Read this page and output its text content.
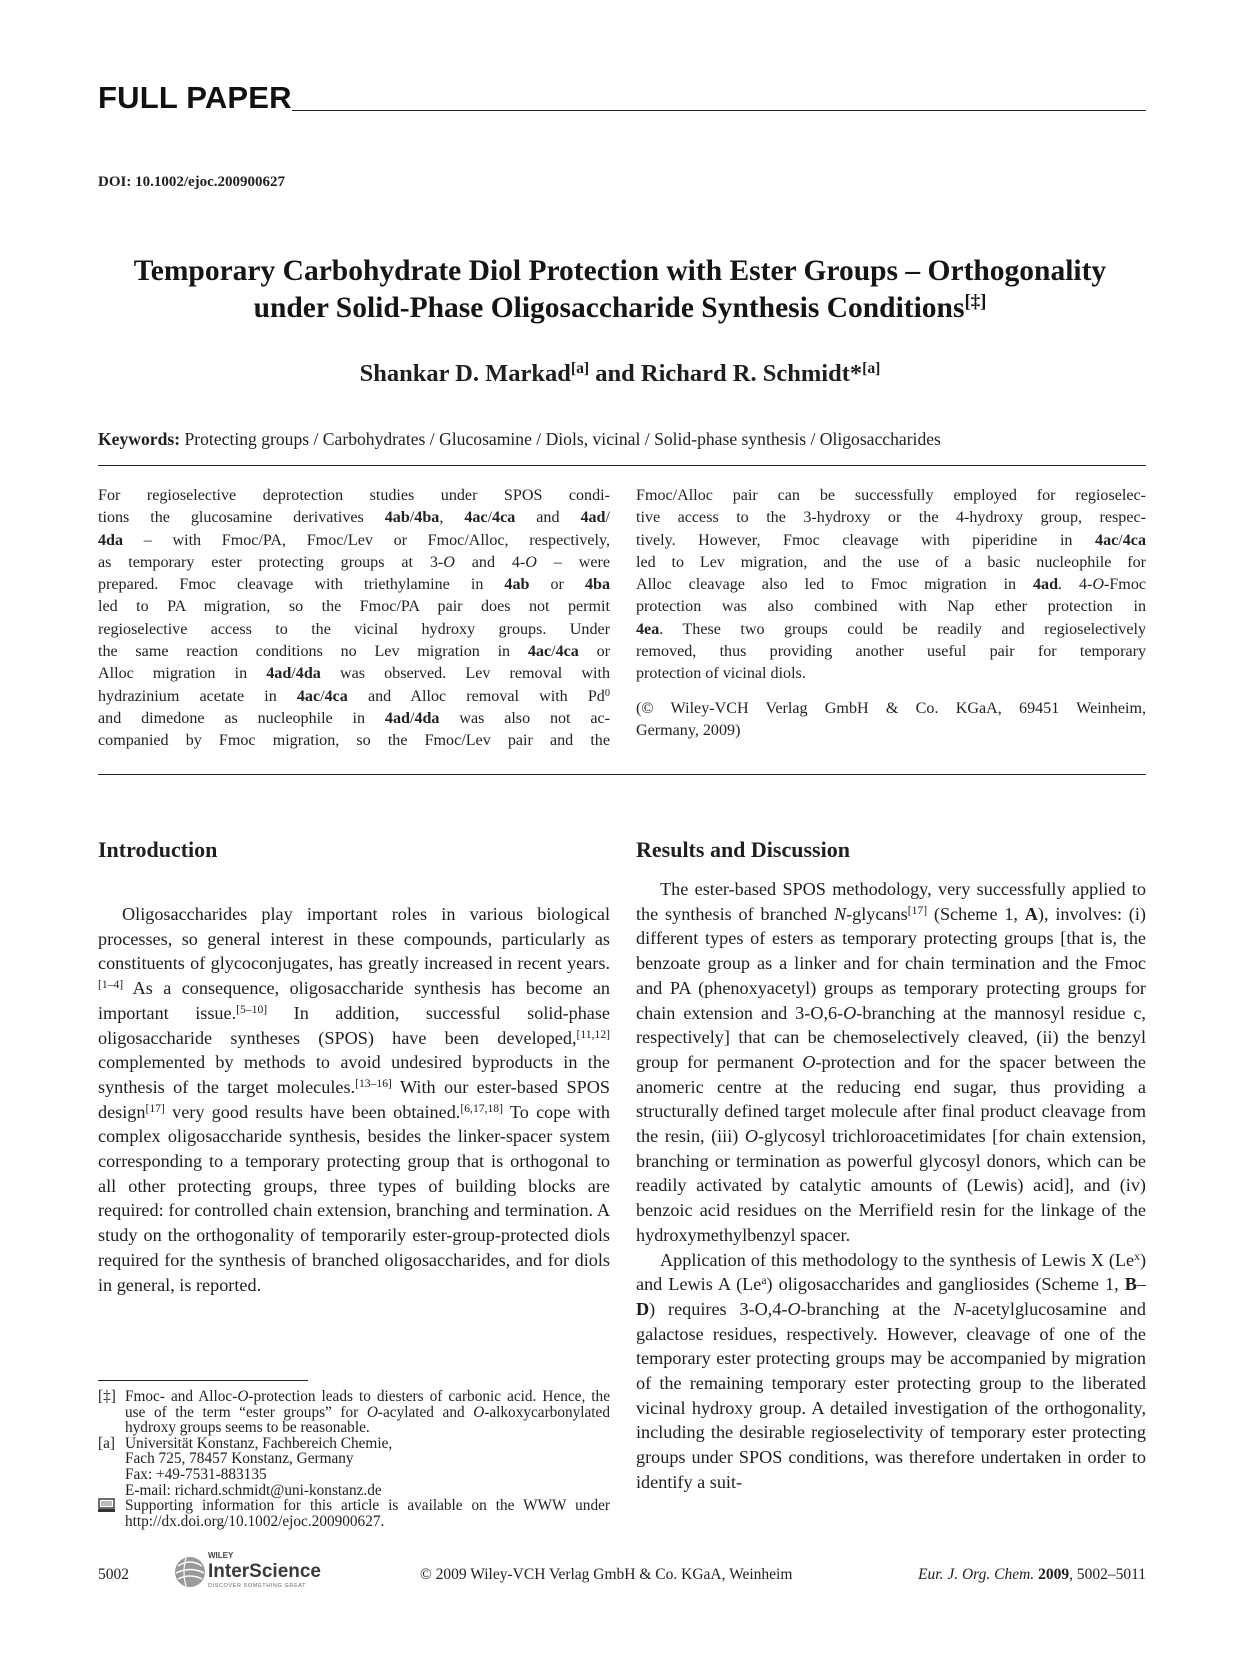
FULL PAPER
DOI: 10.1002/ejoc.200900627
Temporary Carbohydrate Diol Protection with Ester Groups – Orthogonality
under Solid-Phase Oligosaccharide Synthesis Conditions[‡]
Shankar D. Markad[a] and Richard R. Schmidt*[a]
Keywords: Protecting groups / Carbohydrates / Glucosamine / Diols, vicinal / Solid-phase synthesis / Oligosaccharides
For regioselective deprotection studies under SPOS condi-
tions the glucosamine derivatives 4ab/4ba, 4ac/4ca and 4ad/
4da – with Fmoc/PA, Fmoc/Lev or Fmoc/Alloc, respectively,
as temporary ester protecting groups at 3-O and 4-O – were
prepared. Fmoc cleavage with triethylamine in 4ab or 4ba
led to PA migration, so the Fmoc/PA pair does not permit
regioselective access to the vicinal hydroxy groups. Under
the same reaction conditions no Lev migration in 4ac/4ca or
Alloc migration in 4ad/4da was observed. Lev removal with
hydrazinium acetate in 4ac/4ca and Alloc removal with Pd$^0$
and dimedone as nucleophile in 4ad/4da was also not ac-
companied by Fmoc migration, so the Fmoc/Lev pair and the
Fmoc/Alloc pair can be successfully employed for regioselec-
tive access to the 3-hydroxy or the 4-hydroxy group, respec-
tively. However, Fmoc cleavage with piperidine in 4ac/4ca
led to Lev migration, and the use of a basic nucleophile for
Alloc cleavage also led to Fmoc migration in 4ad. 4-O-Fmoc
protection was also combined with Nap ether protection in
4ea. These two groups could be readily and regioselectively
removed, thus providing another useful pair for temporary
protection of vicinal diols.

(© Wiley-VCH Verlag GmbH & Co. KGaA, 69451 Weinheim,
Germany, 2009)

Introduction

Oligosaccharides play important roles in various biological processes, so general interest in these compounds, particularly as constituents of glycoconjugates, has greatly increased in recent years.[1–4] As a consequence, oligosaccharide synthesis has become an important issue.[5–10] In addition, successful solid-phase oligosaccharide syntheses (SPOS) have been developed,[11,12] complemented by methods to avoid undesired byproducts in the synthesis of the target molecules.[13–16] With our ester-based SPOS design[17] very good results have been obtained.[6,17,18] To cope with complex oligosaccharide synthesis, besides the linker-spacer system corresponding to a temporary protecting group that is orthogonal to all other protecting groups, three types of building blocks are required: for controlled chain extension, branching and termination. A study on the orthogonality of temporarily ester-group-protected diols required for the synthesis of branched oligosaccharides, and for diols in general, is reported.

[‡] Fmoc- and Alloc-O-protection leads to diesters of carbonic acid. Hence, the use of the term “ester groups” for O-acylated and O-alkoxycarbonylated hydroxy groups seems to be reasonable.
[a] Universität Konstanz, Fachbereich Chemie,
Fach 725, 78457 Konstanz, Germany
Fax: +49-7531-883135
E-mail: richard.schmidt@uni-konstanz.de
Supporting information for this article is available on the WWW under http://dx.doi.org/10.1002/ejoc.200900627.
Results and Discussion

The ester-based SPOS methodology, very successfully applied to the synthesis of branched N-glycans[17] (Scheme 1, A), involves: (i) different types of esters as temporary protecting groups [that is, the benzoate group as a linker and for chain termination and the Fmoc and PA (phenoxyacetyl) groups as temporary protecting groups for chain extension and 3-O,6-O-branching at the mannosyl residue c, respectively] that can be chemoselectively cleaved, (ii) the benzyl group for permanent O-protection and for the spacer between the anomeric centre at the reducing end sugar, thus providing a structurally defined target molecule after final product cleavage from the resin, (iii) O-glycosyl trichloroacetimidates [for chain extension, branching or termination as powerful glycosyl donors, which can be readily activated by catalytic amounts of (Lewis) acid], and (iv) benzoic acid residues on the Merrifield resin for the linkage of the hydroxymethylbenzyl spacer.

Application of this methodology to the synthesis of Lewis X (Le$^x$) and Lewis A (Le$^a$) oligosaccharides and gangliosides (Scheme 1, B–D) requires 3-O,4-O-branching at the N-acetylglucosamine and galactose residues, respectively. However, cleavage of one of the temporary ester protecting groups may be accompanied by migration of the remaining temporary ester protecting group to the liberated vicinal hydroxy group. A detailed investigation of the orthogonality, including the desirable regioselectivity of temporary ester protecting groups under SPOS conditions, was therefore undertaken in order to identify a suit-

5002
WILEY
InterScience
DISCOVER SOMETHING GREAT
© 2009 Wiley-VCH Verlag GmbH & Co. KGaA, Weinheim	Eur. J. Org. Chem. 2009, 5002–5011
